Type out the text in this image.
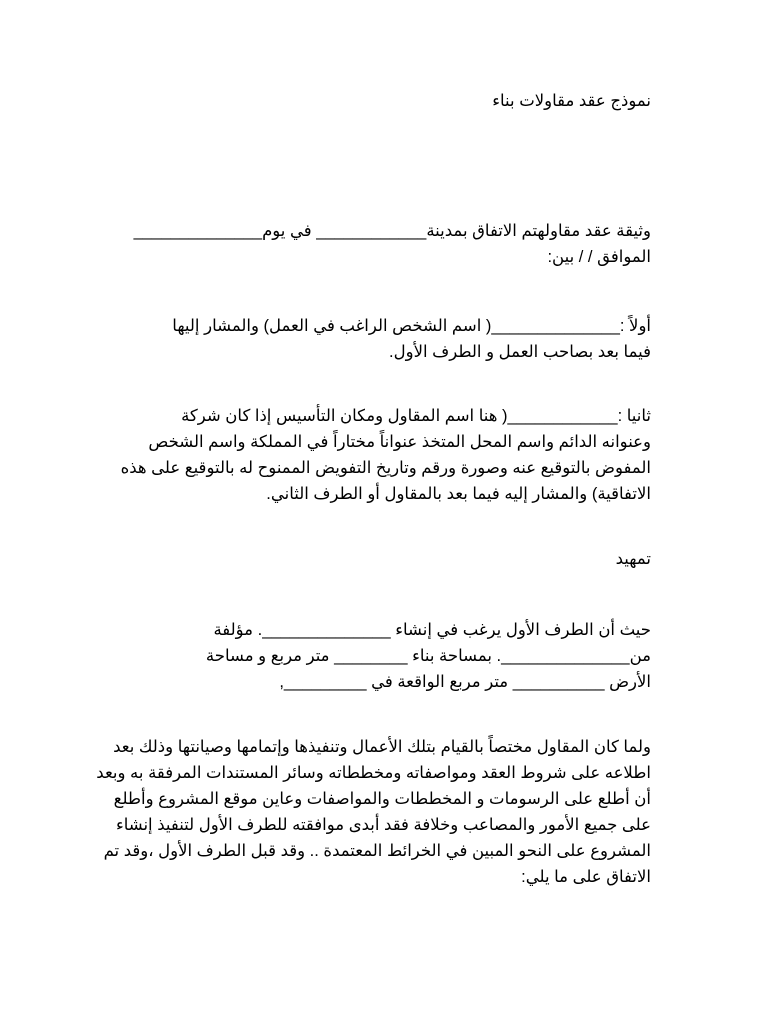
نموذج عقد مقاولات بناء
وثيقة عقد مقاولهتم الاتفاق بمدينة____________ في يوم______________
الموافق / / بين:
أولاً :______________( اسم الشخص الراغب في العمل) والمشار إليها
فيما بعد بصاحب العمل و الطرف الأول.
ثانيا :____________( هنا اسم المقاول ومكان التأسيس إذا كان شركة
وعنوانه الدائم واسم المحل المتخذ عنواناً مختاراً في المملكة واسم الشخص
المفوض بالتوقيع عنه وصورة ورقم وتاريخ التفويض الممنوح له بالتوقيع على هذه
الاتفاقية) والمشار إليه فيما بعد بالمقاول أو الطرف الثاني.
تمهيد
حيث أن الطرف الأول يرغب في إنشاء ______________. مؤلفة
من______________. بمساحة بناء ________ متر مربع و مساحة
الأرض __________ متر مربع الواقعة في _________,
ولما كان المقاول مختصاً بالقيام بتلك الأعمال وتنفيذها وإتمامها وصيانتها وذلك بعد
اطلاعه على شروط العقد ومواصفاته ومخططاته وسائر المستندات المرفقة به وبعد
أن أطلع على الرسومات و المخططات والمواصفات وعاين موقع المشروع وأطلع
على جميع الأمور والمصاعب وخلافة فقد أبدى موافقته للطرف الأول لتنفيذ إنشاء
المشروع على النحو المبين في الخرائط المعتمدة .. وقد قبل الطرف الأول ،وقد تم
الاتفاق على ما يلي:
